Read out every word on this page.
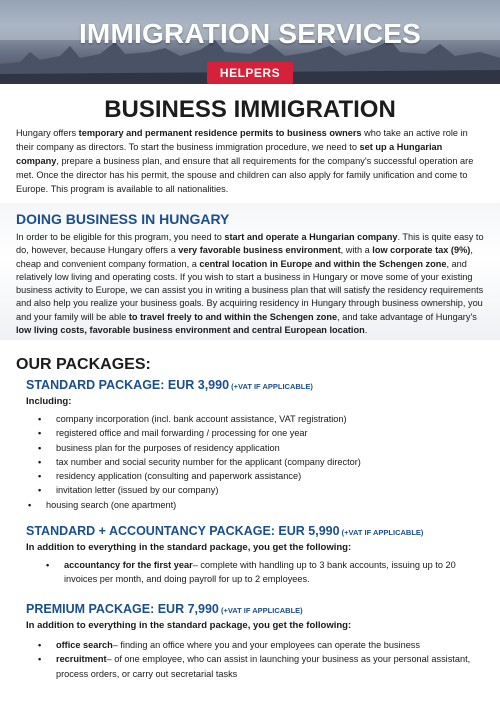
IMMIGRATION SERVICES
HELPERS
BUSINESS IMMIGRATION
Hungary offers temporary and permanent residence permits to business owners who take an active role in their company as directors. To start the business immigration procedure, we need to set up a Hungarian company, prepare a business plan, and ensure that all requirements for the company's successful operation are met. Once the director has his permit, the spouse and children can also apply for family unification and come to Europe. This program is available to all nationalities.
DOING BUSINESS IN HUNGARY
In order to be eligible for this program, you need to start and operate a Hungarian company. This is quite easy to do, however, because Hungary offers a very favorable business environment, with a low corporate tax (9%), cheap and convenient company formation, a central location in Europe and within the Schengen zone, and relatively low living and operating costs. If you wish to start a business in Hungary or move some of your existing business activity to Europe, we can assist you in writing a business plan that will satisfy the residency requirements and also help you realize your business goals. By acquiring residency in Hungary through business ownership, you and your family will be able to travel freely to and within the Schengen zone, and take advantage of Hungary's low living costs, favorable business environment and central European location.
OUR PACKAGES:
STANDARD PACKAGE: EUR 3,990 (+VAT IF APPLICABLE)
Including:
• company incorporation (incl. bank account assistance, VAT registration)
• registered office and mail forwarding / processing for one year
• business plan for the purposes of residency application
• tax number and social security number for the applicant (company director)
• residency application (consulting and paperwork assistance)
• invitation letter (issued by our company)
• housing search (one apartment)
STANDARD + ACCOUNTANCY PACKAGE: EUR 5,990 (+VAT IF APPLICABLE)
In addition to everything in the standard package, you get the following:
• accountancy for the first year– complete with handling up to 3 bank accounts, issuing up to 20 invoices per month, and doing payroll for up to 2 employees.
PREMIUM PACKAGE: EUR 7,990 (+VAT IF APPLICABLE)
In addition to everything in the standard package, you get the following:
• office search– finding an office where you and your employees can operate the business
• recruitment– of one employee, who can assist in launching your business as your personal assistant, process orders, or carry out secretarial tasks
